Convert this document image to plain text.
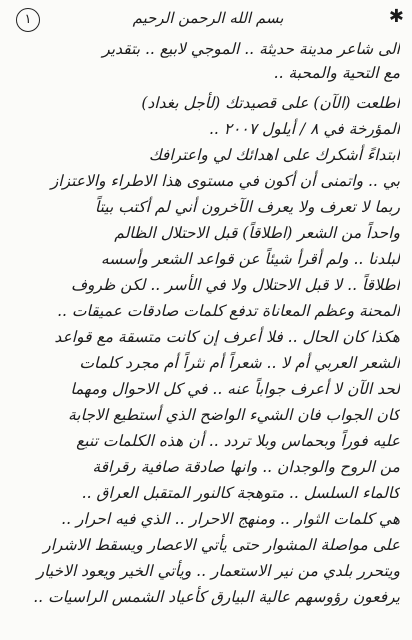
١	بسم الله الرحمن الرحيم	✱
الى شاعر مدينة حديثة .. الموجي لابيع .. بتقدير
مع التحية والمحبة ..
اطلعت (الآن) على قصيدتك (لأجل بغداد)
المؤرخة في ٨ / أيلول ٢٠٠٧ ..
ابتداءً أشكرك على اهدائك لي واعترافك
بي .. واتمنى أن أكون في مستوى هذا الاطراء والاعتزاز
ربما لا تعرف ولا يعرف الآخرون أني لم أكتب بيتاً
واحداً من الشعر (اطلاقاً) قبل الاحتلال الظالم
لبلدنا .. ولم أقرأ شيئاً عن قواعد الشعر وأسسه
اطلاقاً .. لا قبل الاحتلال ولا في الأسر .. لكن ظروف
المحنة وعظم المعاناة تدفع كلمات صادقات عميقات ..
هكذا كان الحال .. فلا أعرف إن كانت متسقة مع قواعد
الشعر العربي أم لا .. شعراً أم نثراً أم مجرد كلمات
لحد الآن لا أعرف جواباً عنه .. في كل الاحوال ومهما
كان الجواب فان الشيء الواضح الذي أستطيع الاجابة
عليه فوراً وبحماس وبلا تردد .. أن هذه الكلمات تنبع
من الروح والوجدان .. وانها صادقة صافية رقراقة
كالماء السلسل .. متوهجة كالنور المتقبل العراق ..
هي كلمات الثوار .. ومنهج الاحرار .. الذي فيه احرار ..
على مواصلة المشوار حتى يأتي الاعصار ويسقط الاشرار
ويتحرر بلدي من نير الاستعمار .. ويأتي الخير ويعود الاخيار
يرفعون رؤوسهم عالية البيارق كأعياد الشمس الراسيات ..
